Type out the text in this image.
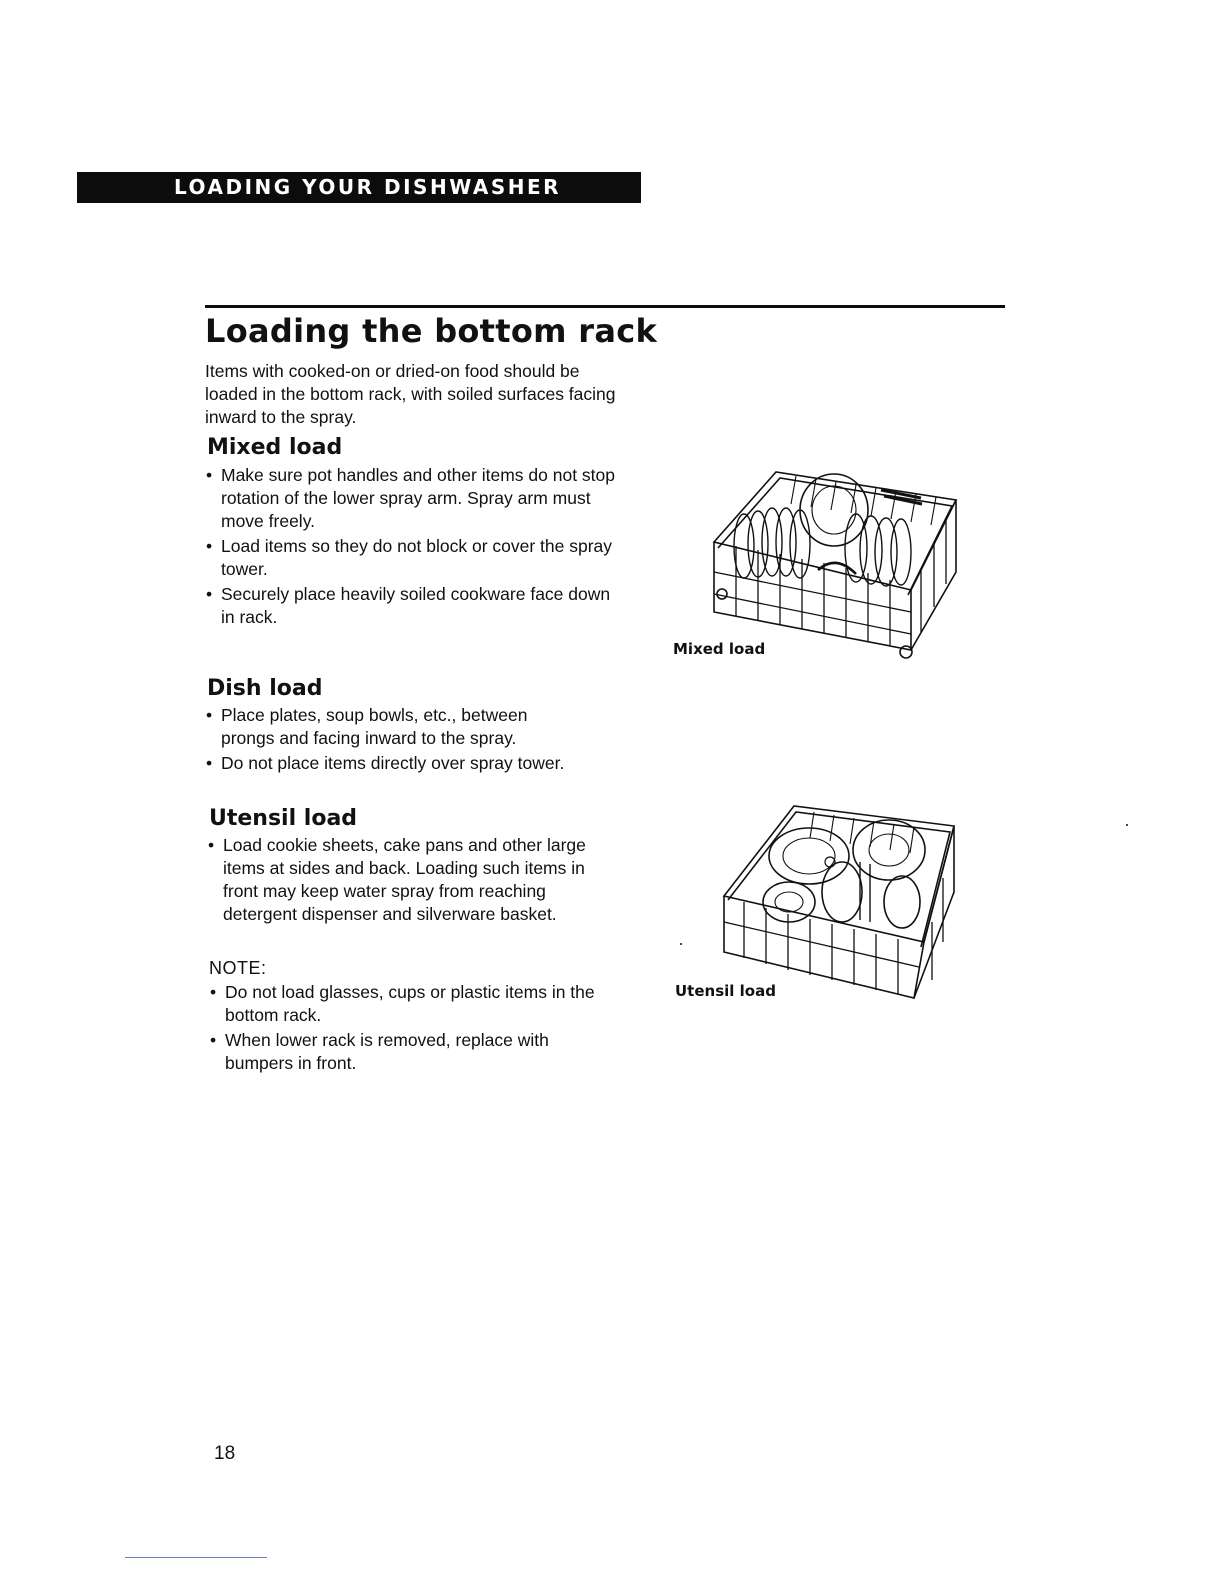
LOADING YOUR DISHWASHER
Loading the bottom rack

Items with cooked-on or dried-on food should be loaded in the bottom rack, with soiled surfaces facing inward to the spray.

Mixed load
• Make sure pot handles and other items do not stop rotation of the lower spray arm. Spray arm must move freely.
• Load items so they do not block or cover the spray tower.
• Securely place heavily soiled cookware face down in rack.
Dish load
• Place plates, soup bowls, etc., between prongs and facing inward to the spray.
• Do not place items directly over spray tower.
Utensil load
• Load cookie sheets, cake pans and other large items at sides and back. Loading such items in front may keep water spray from reaching detergent dispenser and silverware basket.

NOTE:

• Do not load glasses, cups or plastic items in the bottom rack.
• When lower rack is removed, replace with bumpers in front.

Mixed load

Utensil load

18
